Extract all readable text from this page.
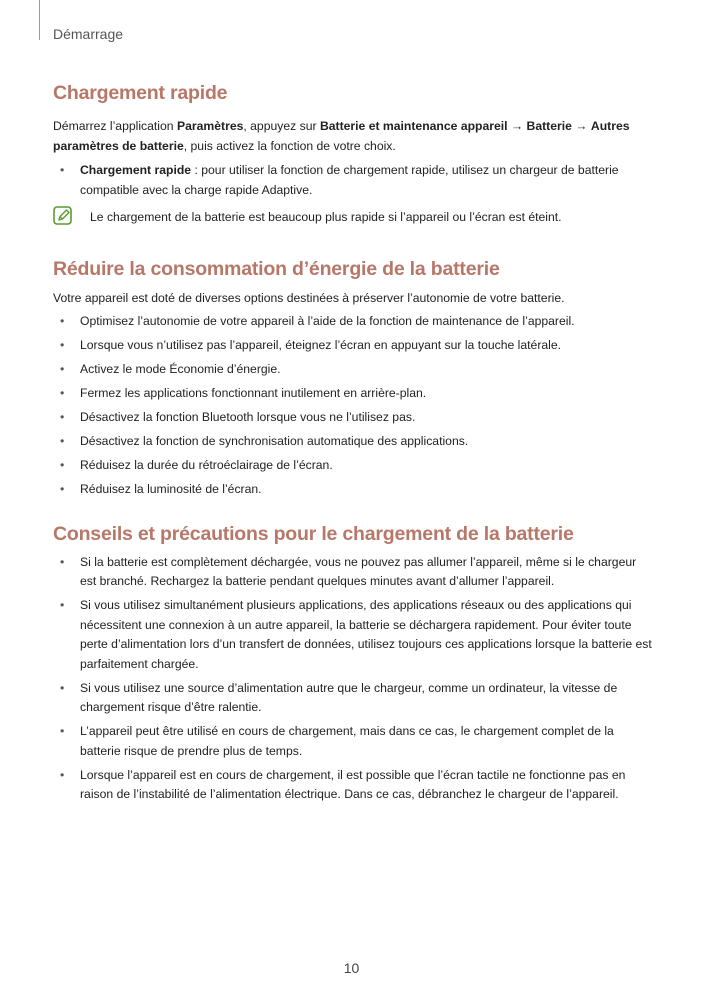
Démarrage
Chargement rapide

Démarrez l’application Paramètres, appuyez sur Batterie et maintenance appareil → Batterie → Autres paramètres de batterie, puis activez la fonction de votre choix.

• Chargement rapide : pour utiliser la fonction de chargement rapide, utilisez un chargeur de batterie compatible avec la charge rapide Adaptive.
Le chargement de la batterie est beaucoup plus rapide si l’appareil ou l’écran est éteint.
Réduire la consommation d’énergie de la batterie

Votre appareil est doté de diverses options destinées à préserver l’autonomie de votre batterie.

• Optimisez l’autonomie de votre appareil à l’aide de la fonction de maintenance de l’appareil.
• Lorsque vous n’utilisez pas l’appareil, éteignez l’écran en appuyant sur la touche latérale.
• Activez le mode Économie d’énergie.
• Fermez les applications fonctionnant inutilement en arrière-plan.
• Désactivez la fonction Bluetooth lorsque vous ne l’utilisez pas.
• Désactivez la fonction de synchronisation automatique des applications.
• Réduisez la durée du rétroéclairage de l’écran.
• Réduisez la luminosité de l’écran.
Conseils et précautions pour le chargement de la batterie
• Si la batterie est complètement déchargée, vous ne pouvez pas allumer l’appareil, même si le chargeur est branché. Rechargez la batterie pendant quelques minutes avant d’allumer l’appareil.
• Si vous utilisez simultanément plusieurs applications, des applications réseaux ou des applications qui nécessitent une connexion à un autre appareil, la batterie se déchargera rapidement. Pour éviter toute perte d’alimentation lors d’un transfert de données, utilisez toujours ces applications lorsque la batterie est parfaitement chargée.
• Si vous utilisez une source d’alimentation autre que le chargeur, comme un ordinateur, la vitesse de chargement risque d’être ralentie.
• L’appareil peut être utilisé en cours de chargement, mais dans ce cas, le chargement complet de la batterie risque de prendre plus de temps.
• Lorsque l’appareil est en cours de chargement, il est possible que l’écran tactile ne fonctionne pas en raison de l’instabilité de l’alimentation électrique. Dans ce cas, débranchez le chargeur de l’appareil.
10
